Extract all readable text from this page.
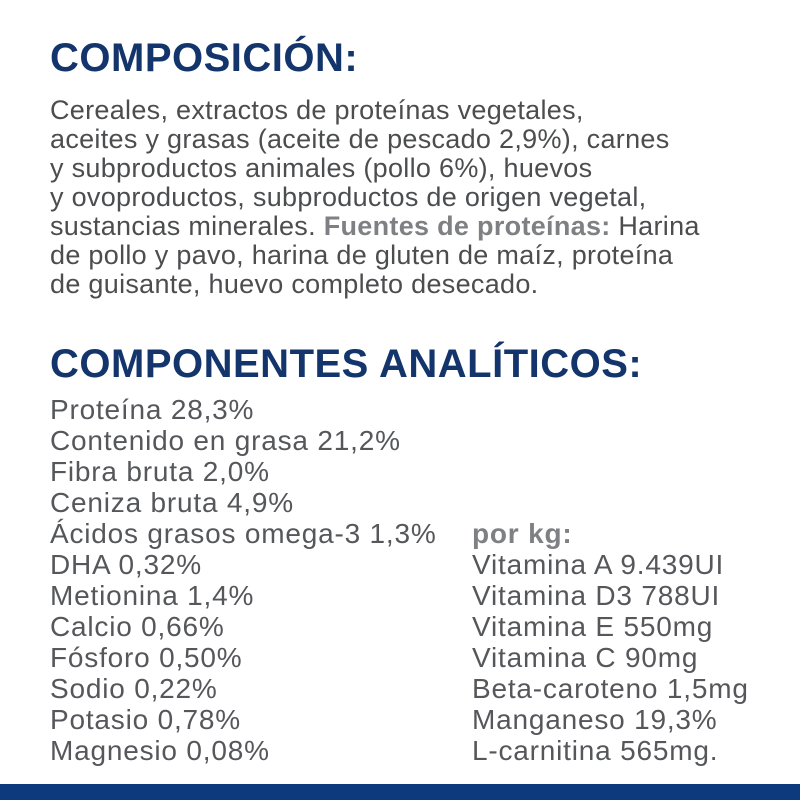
COMPOSICIÓN:
Cereales, extractos de proteínas vegetales,
aceites y grasas (aceite de pescado 2,9%), carnes
y subproductos animales (pollo 6%), huevos
y ovoproductos, subproductos de origen vegetal,
sustancias minerales. Fuentes de proteínas: Harina
de pollo y pavo, harina de gluten de maíz, proteína
de guisante, huevo completo desecado.
COMPONENTES ANALÍTICOS:
Proteína 28,3%
Contenido en grasa 21,2%
Fibra bruta 2,0%
Ceniza bruta 4,9%
Ácidos grasos omega-3 1,3%
DHA 0,32%
Metionina 1,4%
Calcio 0,66%
Fósforo 0,50%
Sodio 0,22%
Potasio 0,78%
Magnesio 0,08%
por kg:
Vitamina A 9.439UI
Vitamina D3 788UI
Vitamina E 550mg
Vitamina C 90mg
Beta-caroteno 1,5mg
Manganeso 19,3%
L-carnitina 565mg.
